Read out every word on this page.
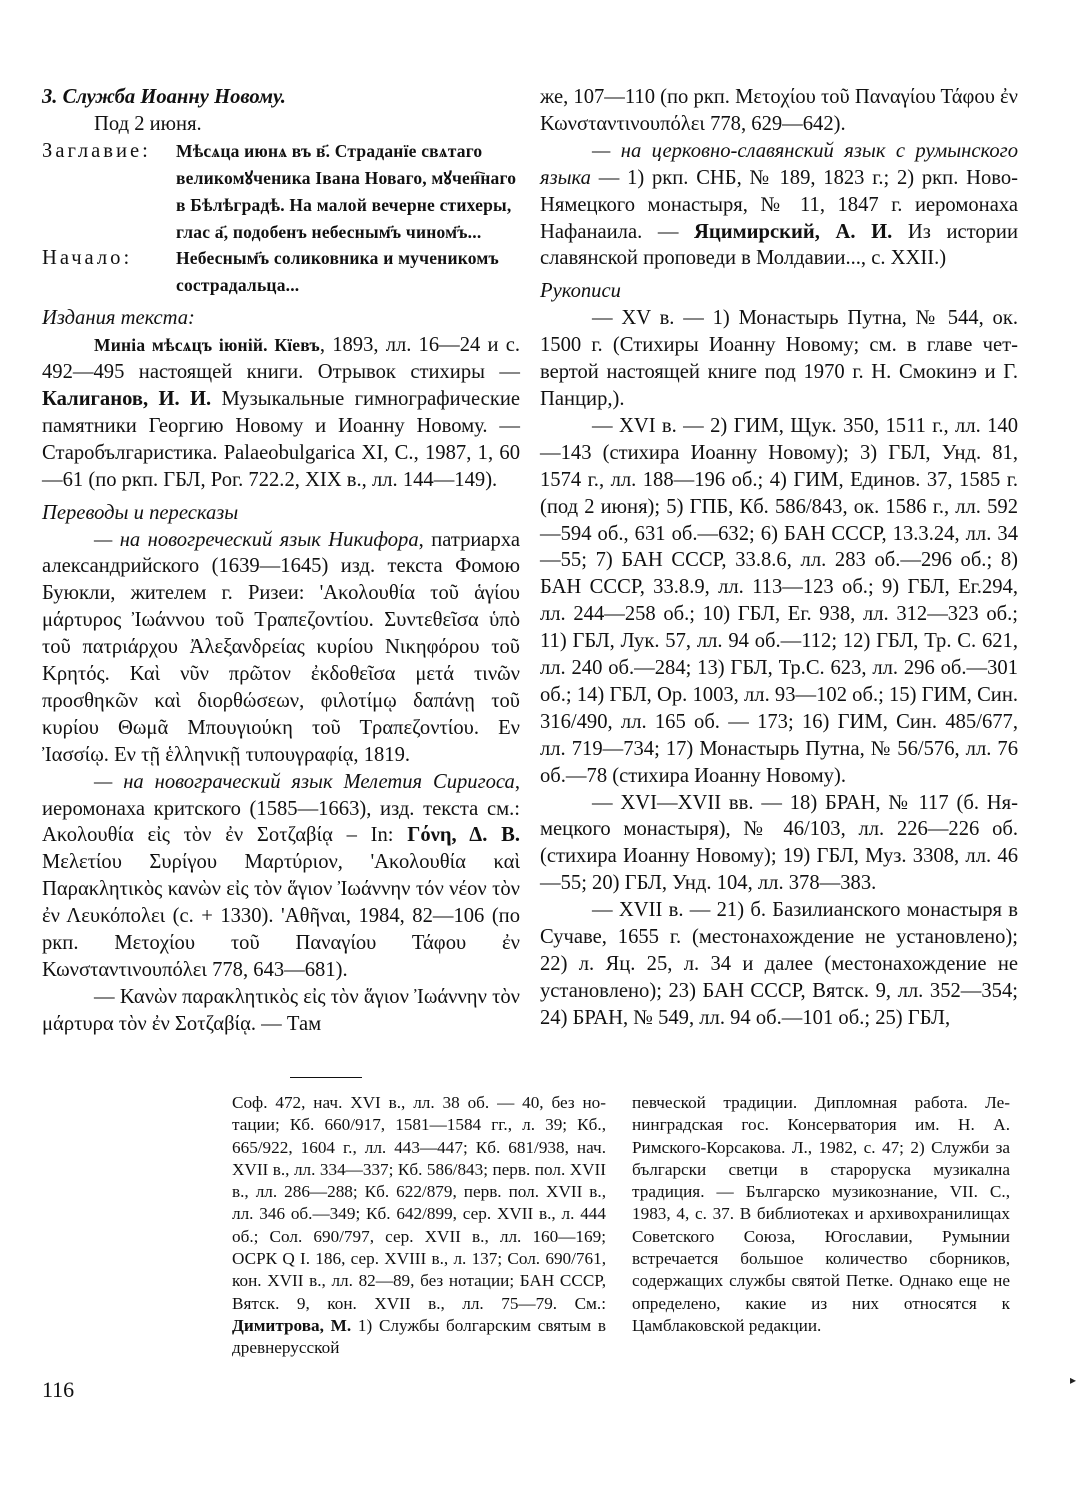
3. Служба Иоанну Новому.

Под 2 июня.

Заглавие:	Мѣсѧца июнѧ въ в҃. Страданїе свѧтаго великомꙋченика Івана Новаго, мꙋчен҇наго в Бѣлѣградѣ. На малой вечерне стихеры, глас а҃, подобенъ небесным҃ъ чином҃ъ...
Начало:	Небесным҃ъ соликовника и мученикомъ сострадальца...

Издания текста:

Минiа мѣсѧцъ iюнiй. Кїевъ, 1893, лл. 16—24 и с. 492—495 настоящей книги. Отрывок стихиры — Калиганов, И. И. Музыкальные гимнографические памятники Георгию Новому и Иоанну Новому. — Старобългаристика. Palaeobulgarica XI, С., 1987, 1, 60—61 (по ркп. ГБЛ, Рог. 722.2, XIX в., лл. 144—149).

Переводы и пересказы

— на новогреческий язык Никифора, патриарха александрийского (1639—1645) изд. текста Фомою Буюкли, жителем г. Ризеи: 'Ακολουθία τοῦ ἁγίου μάρτυρος Ἰωάννου τοῦ Τραπεζοντίου. Συντεθεῖσα ὑπὸ τοῦ πατριάρχου Ἀλεξανδρείας κυρίου Νικηφόρου τοῦ Κρητός. Καὶ νῦν πρῶτον ἐκδοθεῖσα μετά τινῶν προσθηκῶν καὶ διορθώσεων, φιλοτίμῳ δαπάνῃ τοῦ κυρίου Θωμᾶ Μπουγιούκη τοῦ Τραπεζοντίου. Εν Ἰασσίῳ. Εν τῇ ἑλληνικῇ τυπουγραφίᾳ, 1819.

— на новограческий язык Мелетия Сиригоса, иеромонаха критского (1585—1663), изд. текста см.: Ακολουθία εἰς τὸν ἐν Σοτζαβίᾳ – In: Γόνη, Δ. Β. Μελετίου Συρίγου Μαρτύριον, 'Ακολουθία καὶ Παρακλητικὸς κανὼν εἰς τὸν ἅγιον Ἰωάννην τόν νέον τὸν ἐν Λευκόπολει (с. + 1330). 'Αθῆναι, 1984, 82—106 (по ркп. Μετοχίου τοῦ Παναγίου Τάφου ἐν Κωνσταντινουπόλει 778, 643—681).

— Κανὼν παρακλητικὸς εἰς τὸν ἅγιον Ἰωάννην τὸν μάρτυρα τὸν ἐν Σοτζαβίᾳ. — Там

же, 107—110 (по ркп. Μετοχίου τοῦ Παναγίου Τάφου ἐν Κωνσταντινουπόλει 778, 629—642).

— на церковно-славянский язык с румынского языка — 1) ркп. СНБ, № 189, 1823 г.; 2) ркп. Ново-Нямецкого монастыря, № 11, 1847 г. иеромонаха Нафанаила. — Яцимирский, А. И. Из истории славянской проповеди в Молдавии..., с. XXII.)

Рукописи

— XV в. — 1) Монастырь Путна, № 544, ок. 1500 г. (Стихиры Иоанну Новому; см. в главе четвертой настоящей книге под 1970 г. Н. Смокинэ и Г. Панцир,).

— XVI в. — 2) ГИМ, Щук. 350, 1511 г., лл. 140—143 (стихира Иоанну Новому); 3) ГБЛ, Унд. 81, 1574 г., лл. 188—196 об.; 4) ГИМ, Единов. 37, 1585 г. (под 2 июня); 5) ГПБ, Кб. 586/843, ок. 1586 г., лл. 592—594 об., 631 об.—632; 6) БАН СССР, 13.3.24, лл. 34—55; 7) БАН СССР, 33.8.6, лл. 283 об.—296 об.; 8) БАН СССР, 33.8.9, лл. 113—123 об.; 9) ГБЛ, Ег.294, лл. 244—258 об.; 10) ГБЛ, Ег. 938, лл. 312—323 об.; 11) ГБЛ, Лук. 57, лл. 94 об.—112; 12) ГБЛ, Тр. С. 621, лл. 240 об.—284; 13) ГБЛ, Тр.С. 623, лл. 296 об.—301 об.; 14) ГБЛ, Ор. 1003, лл. 93—102 об.; 15) ГИМ, Син. 316/490, лл. 165 об. — 173; 16) ГИМ, Син. 485/677, лл. 719—734; 17) Монастырь Путна, № 56/576, лл. 76 об.—78 (стихира Иоанну Новому).

— XVI—XVII вв. — 18) БРАН, № 117 (б. Нямецкого монастыря), № 46/103, лл. 226—226 об. (стихира Иоанну Новому); 19) ГБЛ, Муз. 3308, лл. 46—55; 20) ГБЛ, Унд. 104, лл. 378—383.

— XVII в. — 21) б. Базилианского монастыря в Сучаве, 1655 г. (местонахождение не установлено); 22) л. Яц. 25, л. 34 и далее (местонахождение не установлено); 23) БАН СССР, Вятск. 9, лл. 352—354; 24) БРАН, № 549, лл. 94 об.—101 об.; 25) ГБЛ,

Соф. 472, нач. XVI в., лл. 38 об. — 40, без нотации; Кб. 660/917, 1581—1584 гг., л. 39; Кб., 665/922, 1604 г., лл. 443—447; Кб. 681/938, нач. XVII в., лл. 334—337; Кб. 586/843; перв. пол. XVII в., лл. 286—288; Кб. 622/879, перв. пол. XVII в., лл. 346 об.—349; Кб. 642/899, сер. XVII в., л. 444 об.; Сол. 690/797, сер. XVII в., лл. 160—169; ОСРК Q I. 186, сер. XVIII в., л. 137; Сол. 690/761, кон. XVII в., лл. 82—89, без нотации; БАН СССР, Вятск. 9, кон. XVII в., лл. 75—79. См.: Димитрова, М. 1) Службы болгарским святым в древнерусской

певческой традиции. Дипломная работа. Ленинградская гос. Консерватория им. Н. А. Римского-Корсакова. Л., 1982, с. 47; 2) Служби за български светци в староруска музикална традиция. — Българско музикознание, VII. С., 1983, 4, с. 37. В библиотеках и архивохранилищах Советского Союза, Югославии, Румынии встречается большое количество сборников, содержащих службы святой Петке. Однако еще не определено, какие из них относятся к Цамблаковской редакции.

116	▸
